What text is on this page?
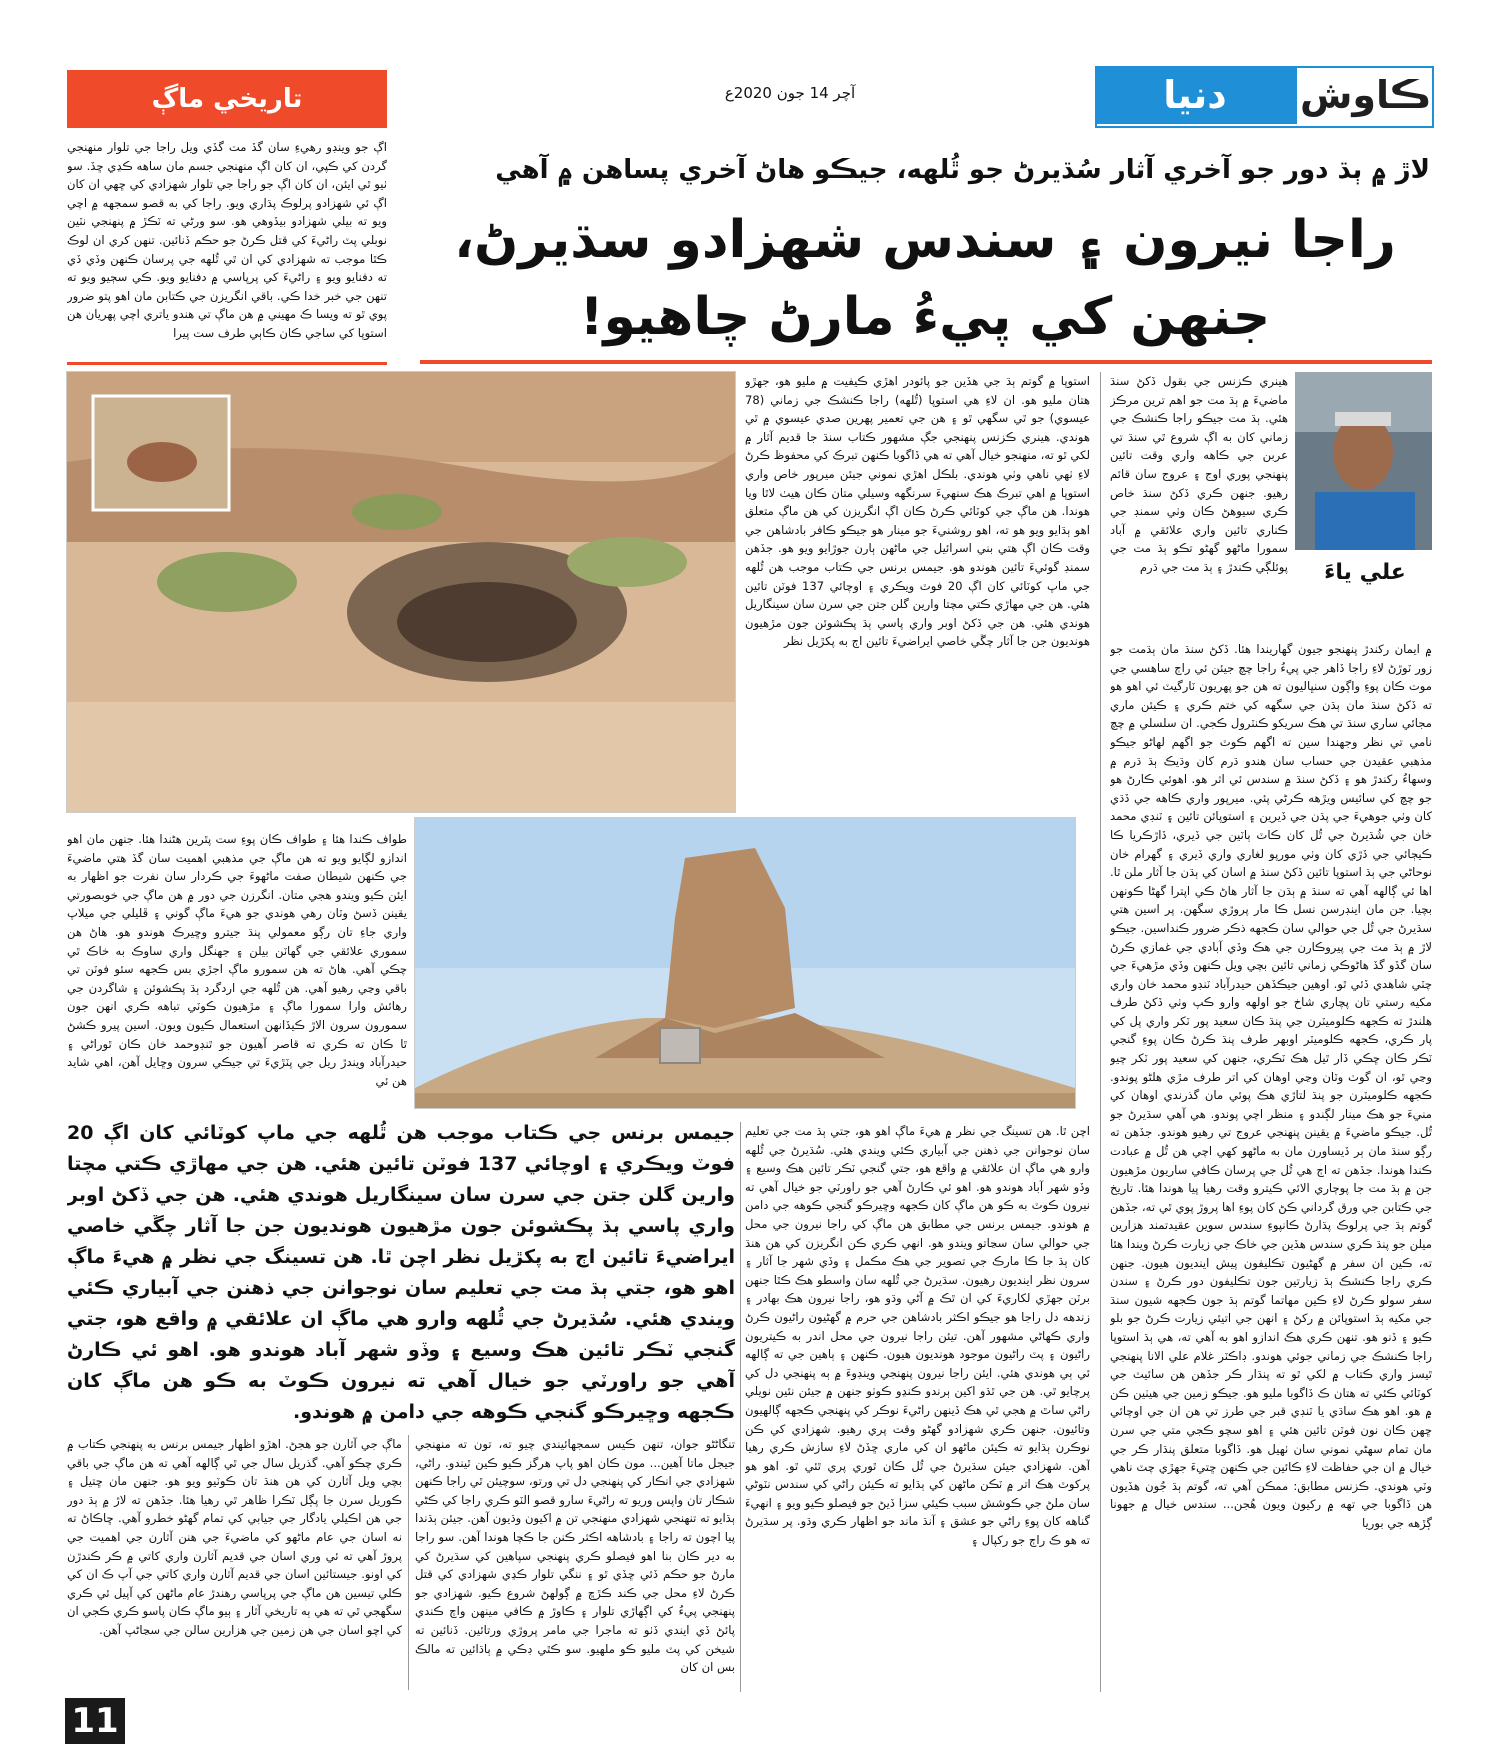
دنيا	ڪاوش
آچر 14 جون 2020ع
تاريخي ماڳ
لاڙ ۾ ٻڌ دور جو آخري آثار سُڌيرڻ جو ٿُلهه، جيڪو هاڻ آخري پساهن ۾ آهي
راجا نيرون ۽ سندس شهزادو سڌيرڻ،
جنهن کي پيءُ مارڻ چاهيو!
اڳ جو وينڊو رهيءِ سان گڏ مت گڏي ويل راجا جي تلوار منهنجي گردن کي ڪپي، ان کان اڳ منهنجي جسم مان ساهه ڪڍي ڇڏ. سو ٺيو ٿي ايئن، ان کان اڳ جو راجا جي تلوار شهزادي کي ڇهي ان کان اڳ ئي شهزادو پرلوڪ پڌاري ويو. راجا کي به قصو سمجهه ۾ اچي ويو ته بيلي شهزادو بيڏوهي هو. سو ورڻي ته ٽڪڙ ۾ پنهنجي نٽين نوبلي پٽ راڻيءَ کي قتل ڪرڻ جو حڪم ڏنائين. تنهن کري ان لوڪ ڪٿا موجب ته شهزادي کي ان ٿي ٿُلهه جي پرسان ڪنهن وڏي ڏي ته دفنايو ويو ۽ راڻيءَ کي پرپاسي ۾ دفنايو ويو. ڪي سڄيو ويو ته تنهن جي خبر خدا ڪي. باقي انگريزن جي ڪتابن مان اهو پتو ضرور پوي ٿو ته ويسا ڪ مهيني ۾ هن ماڳ تي هندو ياتري اچي پهريان هن استوپا کي ساجي ڪان ڪاٻي طرف ست پيرا
علي ياءَ
هينري ڪزنس جي بقول ڏکڻ سنڌ ماضيءَ ۾ ٻڌ مت جو اهم ترين مرڪز هئي. ٻڌ مت جيڪو راجا ڪنشڪ جي زماني کان به اڳ شروع ٿي سنڌ تي عربن جي ڪاهه واري وقت تائين پنهنجي پوري اوج ۽ عروج سان قائم رهيو. جنهن ڪري ڏکڻ سنڌ خاص ڪري سيوهڻ ڪان وٺي سمنڊ جي ڪناري تائين واري علائقي ۾ آباد سمورا ماڻهو گهڻو تڪو ٻڌ مت جي پوئلڳي ڪندڙ ۽ ٻڌ مت جي ڌرم
۾ ايمان رکندڙ پنهنجو جيون گهاريندا هئا. ڏکڻ سنڌ مان ٻڌمت جو زور ٽوڙڻ لاءِ راجا ڏاهر جي پيءُ راجا چچ جيئن ئي راڄ ساهسي جي موت ڪان پوءِ واڳون سنڀاليون ته هن جو پهريون ٽارگيٽ ئي اهو هو ته ڏکڻ سنڌ مان ٻڌن جي سگهه کي ختم ڪري ۽ ڪيئن ماري مجائي ساري سنڌ تي هڪ سريکو ڪنٽرول ڪجي. ان سلسلي ۾ چچ نامي تي نظر وجهندا سين ته اگهم ڪوٽ جو اگهم لهاڻو جيڪو مذهبي عقيدن جي حساب سان هندو ڌرم کان وڌيڪ ٻڌ ڌرم ۾ وسهاءُ رکندڙ هو ۽ ڏکڻ سنڌ ۾ سندس ئي اثر هو. اهوئي ڪارڻ هو جو چچ کي سائيس ويڙهه ڪرڻي پئي. ميرپور واري ڪاهه جي ڏڌي کان وٺي جوهيءَ جي پڌن جي ڏيرين ۽ استوپائن تائين ۽ ٽنڊي محمد خان جي شُڌيرڻ جي ٿُل کان ڪاٽ ٻاٽين جي ڏيري، ڏاڙڪريا ڪا ڪيڄائي جي ڏڙي کان وٺي مورپو لغاري واري ڏيري ۽ گهرام خان نوحاڻي جي ٻڌ استوپا تائين ڏکڻ سنڌ ۾ اسان کي ٻڌن جا آثار ملن ٿا. اها ئي ڳالهه آهي ته سنڌ ۾ ٻڌن جا آثار هاڻ ڪي اپترا گهڻا ڪونهن بچيا. جن مان اينڊرسن نسل ڪا مار پروڙي سگهن. پر اسين هتي سڌيرڻ جي ٿُل جي حوالي سان ڪجهه ذڪر ضرور ڪنداسين. جيڪو لاڙ ۾ ٻڌ مت جي پيروڪارن جي هڪ وڏي آبادي جي غمازي ڪرڻ سان گڏو گڏ هاڻوڪي زماني تائين بچي ويل ڪنهن وڏي مڙهيءَ جي چٽي شاهدي ڏئي ٿو. اوهين جيڪڏهن حيدرآباد ٽنڊو محمد خان واري مکيه رستي تان پچاري شاخ جو اولهه وارو ڪپ وٺي ڏکڻ طرف هلندڙ ته ڪجهه ڪلوميٽرن جي پنڌ ڪان سعيد پور ٽکر واري پل کي پار ڪري، ڪجهه ڪلوميٽر اوبهر طرف پنڌ ڪرڻ ڪان پوءِ گنجي ٽڪر ڪان ڇڪي ڏار ٿيل هڪ ٽڪري، جنهن کي سعيد پور ٽکر چيو وڃي ٿو، ان گوٺ وٽان وڃي اوهان کي اتر طرف مڙي هلڻو پوندو. ڪجهه ڪلوميٽرن جو پنڌ لتاڙي هڪ پوئي مان گذرندي اوهان کي منيءَ جو هڪ مينار لڳندو ۽ منظر اچي پوندو. هي آهي سڌيرڻ جو ٿُل. جيڪو ماضيءَ ۾ يقينن پنهنجي عروج تي رهيو هوندو. جڏهن ته رڳو سنڌ مان ٻر ڏيساورن مان به ماڻهو کهي اچي هن ٿُل ۾ عبادت ڪندا هوندا. جڏهن ته اڄ هي ٿُل جي پرسان ڪافي ساريون مڙهيون جن ۾ ٻڌ مت جا پوڄاري الائي ڪيترو وقت رهيا پيا هوندا هئا. تاريخ جي ڪتابن جي ورق گرداني ڪڻ کان پوءِ اها پروڙ پوي ٿي ته، جڏهن گوتم ٻڌ جي پرلوڪ پڌارڻ ڪانپوءِ سندس سوين عقيدتمند هزارين ميلن جو پنڌ ڪري سندس هڏين جي خاڪ جي زيارت ڪرڻ ويندا هئا ته، ڪين ان سفر ۾ گهڻيون تڪليفون پيش اينديون هيون. جنهن ڪري راجا ڪنشڪ ٻڌ زيارتين جون تڪليفون دور ڪرڻ ۽ سندن سفر سولو ڪرڻ لاءِ ڪين مهاتما گوتم ٻڌ جون ڪجهه شيون سنڌ جي مکيه ٻڌ استوپائن ۾ رکڻ ۽ انهن جي اتيئي زيارت ڪرڻ جو بلو ڪيو ۽ ڏنو هو. تنهن ڪري هڪ اندازو اهو به آهي ته، هي ٻڌ استوپا راجا ڪنشڪ جي زماني جوئي هوندو. ڊاڪٽر غلام علي الانا پنهنجي ٿيسز واري ڪتاب ۾ لکي ٿو ته پنڌار ڪر جڏهن هن سائيٽ جي کوٽائي ڪئي ته هتان ڪ ڏاگوبا مليو هو. جيڪو زمين جي هيٺين ڪن ۾ هو. اهو هڪ ساڌي يا ٽنڊي قبر جي طرز تي هن ان جي اوچائي ڇهن ڪان نون فوٽن تائين هئي ۽ اهو سچو ڪجي متي جي سرن مان تمام سهڻي نموني سان ٺهيل هو. ڏاگوبا متعلق پنڌار ڪر جي خيال ۾ ان جي حفاظت لاءِ ڪائين جي ڪنهن ڇتيءَ جهڙي چٽ ناهي وٽي هوندي. ڪزنس مطابق: ممڪن آهي ته، گوتم ٻڌ جُون هڏيون هن ڏاگوبا جي تهه ۾ رکيون ويون هُجن... سندس خيال ۾ جهونا ڳڙهه جي بوريا
استوپا ۾ گوتم ٻڌ جي هڏين جو پائودر اهڙي ڪيفيت ۾ مليو هو، جهڙو هتان مليو هو. ان لاءِ هي استوپا (ٿُلهه) راجا ڪنشڪ جي زماني (78 عيسوي) جو ٿي سگهي ٿو ۽ هن جي تعمير پهرين صدي عيسوي ۾ ٿي هوندي. هينري ڪزنس پنهنجي جڳ مشهور ڪتاب سنڌ جا قديم آثار ۾ لکي ٿو ته، منهنجو خيال آهي ته هي ڏاگوبا ڪنهن تبرڪ کي محفوظ ڪرڻ لاءِ ٺهي ناهي وٺي هوندي. بلڪل اهڙي نموني جيئن ميرپور خاص واري استوپا ۾ اهي تبرڪ هڪ سنهيءَ سرنگهه وسيلي متان ڪان هيٺ لاٿا ويا هوندا. هن ماڳ جي کوٽائي ڪرڻ ڪان اڳ انگريزن کي هن ماڳ متعلق اهو ٻڌايو ويو هو ته، اهو روشنيءَ جو مينار هو جيڪو ڪافر بادشاهن جي وقت ڪان اڳ هتي بني اسرائيل جي ماڻهن ٻارن جوڙايو ويو هو. جڏهن سمنڊ گوئيءَ تائين هوندو هو. جيمس برنس جي ڪتاب موجب هن ٿُلهه جي ماپ کوٽائي کان اڳ 20 فوٽ ويڪري ۽ اوچائي 137 فوٽن تائين هئي. هن جي مهاڙي ڪتي مچتا وارين گلن جتن جي سرن سان سينگاريل هوندي هئي. هن جي ڏکڻ اوبر واري پاسي ٻڌ پڪشوئن جون مڙهيون هونديون جن جا آثار چڱي خاصي ايراضيءَ تائين اڄ به پکڙيل نظر
طواف ڪندا هئا ۽ طواف ڪان پوءِ ست پٿرين هڻندا هئا. جنهن مان اهو اندازو لڳايو ويو ته هن ماڳ جي مذهبي اهميت سان گڏ هتي ماضيءَ جي ڪنهن شيطان صفت ماڻهوءَ جي ڪردار سان نفرت جو اظهار به ايئن ڪيو ويندو هجي متان. انگرزن جي دور ۾ هن ماڳ جي خوبصورتي يقينن ڏسڻ وٽان رهي هوندي جو هيءَ ماڳ گوني ۽ ڦليلي جي ميلاپ واري جاءِ تان رڳو معمولي پنڌ جيترو وڇيرڪ هوندو هو. هاڻ هن سموري علائقي جي گهاٽن بيلن ۽ جهنگل واري ساوڪ به خاڪ ٿي چڪي آهي. هاڻ ته هن سمورو ماڳ اجڙي بس ڪجهه سئو فوٽن تي باقي وڃي رهيو آهي. هن ٿُلهه جي اردگرد ٻڌ پڪشوئن ۽ شاگردن جي رهائش وارا سمورا ماڳ ۽ مڙهيون ڪوٽي تباهه ڪري انهن جون سمورون سرون الاڙ ڪيڏانهن استعمال ڪيون ويون. اسين پيرو ڪشڻ ٿا ڪان ته ڪري ته قاصر آهيون جو ٿنڊوحمد خان ڪان ٿوراڻي ۽ حيدرآباد ويندڙ ريل جي پٽڙيءَ تي جيڪي سرون وڇايل آهن، اهي شايد هن ئي
اچن ٿا. هن تسينگ جي نظر ۾ هيءَ ماڳ اهو هو، جتي ٻڌ مت جي تعليم سان نوجوانن جي ذهنن جي آبياري ڪئي ويندي هئي. سُڌيرڻ جي ٿُلهه وارو هي ماڳ ان علائقي ۾ واقع هو، جتي گنجي ٽڪر تائين هڪ وسيع ۽ وڏو شهر آباد هوندو هو. اهو ئي ڪارڻ آهي جو راورٽي جو خيال آهي ته نيرون ڪوٽ به ڪو هن ماڳ کان ڪجهه وڇيرڪو گنجي ڪوهه جي دامن ۾ هوندو. جيمس برنس جي مطابق هن ماڳ کي راجا نيرون جي محل جي حوالي سان سڃاتو ويندو هو. انهي ڪري ڪن انگريزن کي هن هنڌ کان ٻڌ جا ڪا مارڪ جي تصوير جي هڪ مڪمل ۽ وڏي شهر جا آثار ۽ سرون نظر اينديون رهيون. سڌيرڻ جي ٿُلهه سان واسطو هڪ ڪٿا جنهن برٽن جهڙي لکاريءَ کي ان ٿڪ ۾ آڻي وڌو هو، راجا نيرون هڪ بهادر ۽ زندهه دل راجا هو جيڪو اڪثر بادشاهن جي حرم ۾ گهڻيون راڻيون ڪرڻ واري ڪهاڻي مشهور آهن. تيئن راجا نيرون جي محل اندر به ڪيتريون راڻيون ۽ پٽ راڻيون موجود هونديون هيون. ڪنهن ۽ ٻاهين جي ته ڳالهه ئي ٻي هوندي هئي. ايئن راجا نيرون پنهنجي وينڊوءَ ۾ ٻه پنهنجي دل کي پرچايو ٿي. هن جي ٿڌو اکين ٻرندو ڪنڍو ڪوٺو جنهن ۾ جيئن نئين نويلي راڻي ساٿ ۾ هجي ٿي هڪ ڏينهن راڻيءَ نوڪر کي پنهنجي ڪجهه ڳالهيون وتائيون. جنهن ڪري شهزادو گهڻو وقت پري رهيو. شهزادي کي ڪن نوڪرن ٻڌايو ته ڪيئن ماڻهو ان کي ماري ڇڏڻ لاءِ سازش ڪري رهيا آهن. شهزادي جيئن سڌيرڻ جي ٿُل ڪان ٿوري پري ٿئي ٿو. اهو هو پرکوٽ هڪ اتر ۾ ٽڪن ماڻهن کي ٻڌايو ته ڪيئن راڻي کي سندس نٽوڻي سان ملڻ جي ڪوشش سبب ڪيئي سزا ڏيڻ جو فيصلو ڪيو ويو ۽ انهيءَ گناهه کان پوءِ راڻي جو عشق ۽ آنڌ ماند جو اظهار ڪري وڌو. پر سڌيرڻ ته هو ڪ راڄ جو رکپال ۽
جيمس برنس جي ڪتاب موجب هن ٿُلهه جي ماپ کوٽائي کان اڳ 20 فوٽ ويڪري ۽ اوچائي 137 فوٽن تائين هئي. هن جي مهاڙي ڪتي مچتا وارين گلن جتن جي سرن سان سينگاريل هوندي هئي. هن جي ڏکڻ اوبر واري پاسي ٻڌ پڪشوئن جون مڙهيون هونديون جن جا آثار چڱي خاصي ايراضيءَ تائين اڄ به پکڙيل نظر اچن ٿا. هن تسينگ جي نظر ۾ هيءَ ماڳ اهو هو، جتي ٻڌ مت جي تعليم سان نوجوانن جي ذهنن جي آبياري ڪئي ويندي هئي. سُڌيرڻ جي ٿُلهه وارو هي ماڳ ان علائقي ۾ واقع هو، جتي گنجي ٽڪر تائين هڪ وسيع ۽ وڏو شهر آباد هوندو هو. اهو ئي ڪارڻ آهي جو راورٽي جو خيال آهي ته نيرون ڪوٽ به ڪو هن ماڳ کان ڪجهه وڇيرڪو گنجي ڪوهه جي دامن ۾ هوندو.
ماڳ جي آثارن جو هجڻ. اهڙو اظهار جيمس برنس به پنهنجي ڪتاب ۾ ڪري چڪو آهي. گذريل سال جي ٿي ڳالهه آهي ته هن ماڳ جي باقي بچي ويل آثارن کي هن هنڌ تان ڪوٽيو ويو هو. جنهن مان ڇتيل ۽ ڪوريل سرن جا پڳل ٽڪرا ظاهر ٿي رهيا هئا. جڏهن ته لاڙ ۾ ٻڌ دور جي هن اڪيلي يادگار جي جيابي کي تمام گهڻو خطرو آهي. ڇاڪاڻ ته نه اسان جي عام ماڻهو کي ماضيءَ جي هنن آثارن جي اهميت جي پروڙ آهي ته ئي وري اسان جي قديم آثارن واري کاتي ۾ ڪر ڪندڙن کي اونو. جيستائين اسان جي قديم آثارن واري کاتي جي آپ ڪ ان کي ڪلي تيسين هن ماڳ جي پرپاسي رهندڙ عام ماڻهن کي آپيل ئي ڪري سگهجي ٿي ته هي ٻه تاريخي آثار ۽ ٻيو ماڳ ڪان پاسو ڪري ڪجي ان کي اچو اسان جي هن زمين جي هزارين سالن جي سڃاڻپ آهن.
تنگاڻڻو جوان، تنهن ڪيس سمجهائيندي چيو ته، تون ته منهنجي جيجل ماتا آهين... مون ڪان اهو پاپ هرگز ڪيو ڪين ٿيندو. راڻي، شهزادي جي انڪار کي پنهنجي دل تي ورتو، سوچيئن ٿي راجا ڪنهن شڪار تان واپس وريو ته راڻيءَ سارو قصو الٽو ڪري راجا کي ڪڻي ٻڌايو ته تنهنجي شهزادي منهنجي تن ۾ اکيون وڌيون آهن. جيئن ٻڌندا پيا اچون ته راجا ۽ بادشاهه اڪثر ڪنن جا ڪچا هوندا آهن. سو راجا به دير ڪان بنا اهو فيصلو ڪري پنهنجي سپاهين کي سڌيرڻ کي مارڻ جو حڪم ڏئي ڇڏي ٿو ۽ ننگي تلوار ڪڍي شهزادي کي قتل ڪرڻ لاءِ محل جي ڪند ڪڙڇ ۾ ڳولهڻ شروع ڪيو. شهزادي جو پنهنجي پيءُ کي اڳهاڙي تلوار ۽ ڪاوڙ ۾ ڪافي مينهن واچ ڪندي پائڻ ڏي ايندي ڏٺو ته ماجرا جي مامر پروڙي ورتائين. ڏنائين ته شيخن کي پٽ مليو ڪو ملهيو. سو ڪٿي ڊڪي ۾ ٻاڌائين ته مالڪ بس ان کان
11
